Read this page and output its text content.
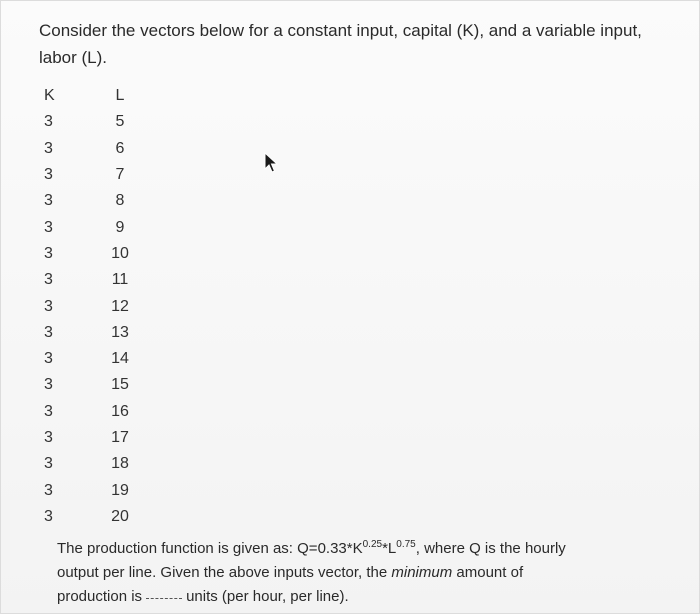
Consider the vectors below for a constant input, capital (K), and a variable input,
labor (L).
K	L
3	5
3	6
3	7
3	8
3	9
3	10
3	11
3	12
3	13
3	14
3	15
3	16
3	17
3	18
3	19
3	20
The production function is given as: $Q=0.33*K^{0.25}*L^{0.75}$, where Q is the hourly
output per line. Given the above inputs vector, the minimum amount of
production is	units (per hour, per line).
